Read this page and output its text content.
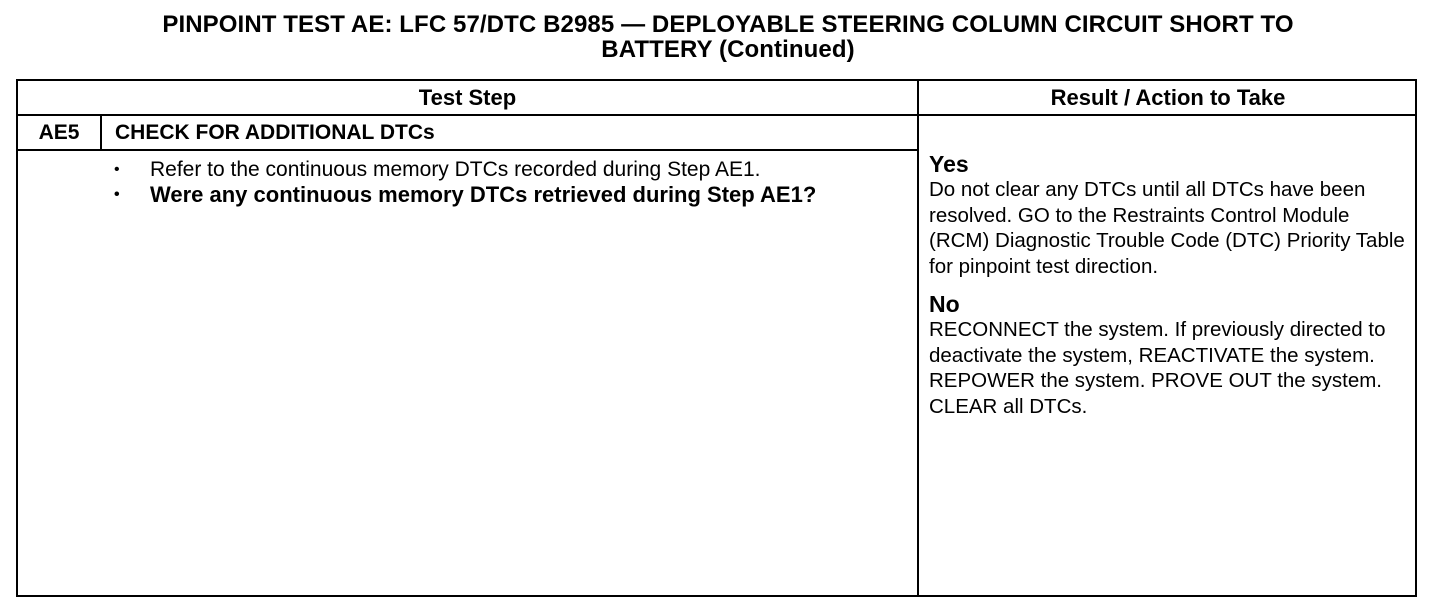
PINPOINT TEST AE: LFC 57/DTC B2985 — DEPLOYABLE STEERING COLUMN CIRCUIT SHORT TO
BATTERY (Continued)
Test Step	Result / Action to Take
AE5	CHECK FOR ADDITIONAL DTCs
• Refer to the continuous memory DTCs recorded during Step AE1.
• Were any continuous memory DTCs retrieved during Step AE1?
Yes
Do not clear any DTCs until all DTCs have been resolved. GO to the Restraints Control Module (RCM) Diagnostic Trouble Code (DTC) Priority Table for pinpoint test direction.
No
RECONNECT the system. If previously directed to deactivate the system, REACTIVATE the system. REPOWER the system. PROVE OUT the system. CLEAR all DTCs.
